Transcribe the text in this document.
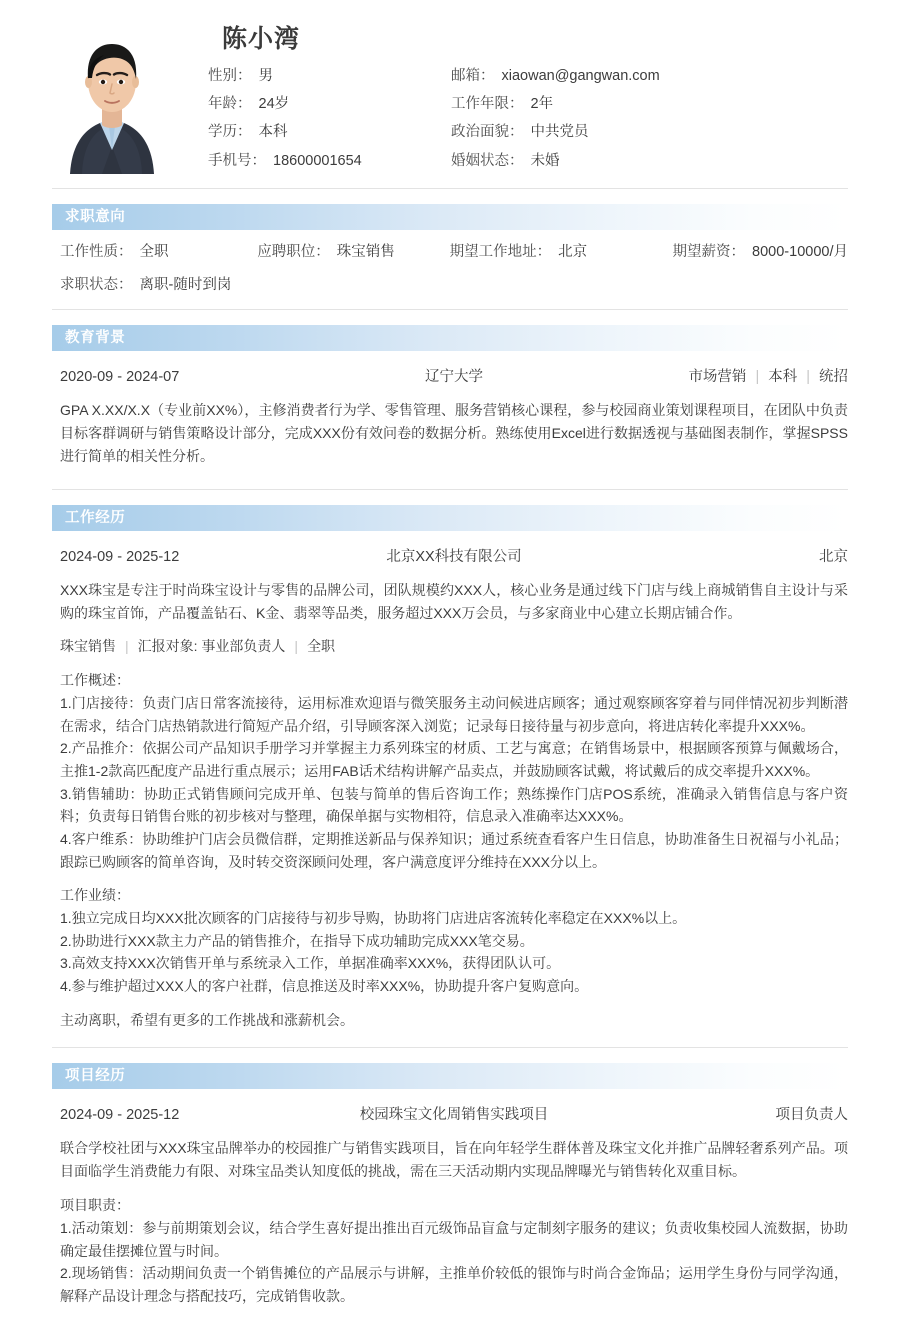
陈小湾
性别： 男	邮箱： xiaowan@gangwan.com
年龄： 24岁	工作年限： 2年
学历： 本科	政治面貌： 中共党员
手机号： 18600001654	婚姻状态： 未婚
求职意向
工作性质： 全职	应聘职位： 珠宝销售	期望工作地址： 北京	期望薪资： 8000-10000/月
求职状态： 离职-随时到岗
教育背景
2020-09 - 2024-07	辽宁大学	市场营销 | 本科 | 统招

GPA X.XX/X.X（专业前XX%），主修消费者行为学、零售管理、服务营销核心课程，参与校园商业策划课程项目，在团队中负责目标客群调研与销售策略设计部分，完成XXX份有效问卷的数据分析。熟练使用Excel进行数据透视与基础图表制作，掌握SPSS进行简单的相关性分析。

工作经历
2024-09 - 2025-12	北京XX科技有限公司	北京

XXX珠宝是专注于时尚珠宝设计与零售的品牌公司，团队规模约XXX人，核心业务是通过线下门店与线上商城销售自主设计与采购的珠宝首饰，产品覆盖钻石、K金、翡翠等品类，服务超过XXX万会员，与多家商业中心建立长期店铺合作。

珠宝销售 | 汇报对象: 事业部负责人 | 全职

工作概述：

1.门店接待：负责门店日常客流接待，运用标准欢迎语与微笑服务主动问候进店顾客；通过观察顾客穿着与同伴情况初步判断潜在需求，结合门店热销款进行简短产品介绍，引导顾客深入浏览；记录每日接待量与初步意向，将进店转化率提升XXX%。

2.产品推介：依据公司产品知识手册学习并掌握主力系列珠宝的材质、工艺与寓意；在销售场景中，根据顾客预算与佩戴场合，主推1-2款高匹配度产品进行重点展示；运用FAB话术结构讲解产品卖点，并鼓励顾客试戴，将试戴后的成交率提升XXX%。

3.销售辅助：协助正式销售顾问完成开单、包装与简单的售后咨询工作；熟练操作门店POS系统，准确录入销售信息与客户资料；负责每日销售台账的初步核对与整理，确保单据与实物相符，信息录入准确率达XXX%。

4.客户维系：协助维护门店会员微信群，定期推送新品与保养知识；通过系统查看客户生日信息，协助准备生日祝福与小礼品；跟踪已购顾客的简单咨询，及时转交资深顾问处理，客户满意度评分维持在XXX分以上。

工作业绩：

1.独立完成日均XXX批次顾客的门店接待与初步导购，协助将门店进店客流转化率稳定在XXX%以上。

2.协助进行XXX款主力产品的销售推介，在指导下成功辅助完成XXX笔交易。

3.高效支持XXX次销售开单与系统录入工作，单据准确率XXX%，获得团队认可。

4.参与维护超过XXX人的客户社群，信息推送及时率XXX%，协助提升客户复购意向。

主动离职，希望有更多的工作挑战和涨薪机会。

项目经历
2024-09 - 2025-12	校园珠宝文化周销售实践项目	项目负责人

联合学校社团与XXX珠宝品牌举办的校园推广与销售实践项目，旨在向年轻学生群体普及珠宝文化并推广品牌轻奢系列产品。项目面临学生消费能力有限、对珠宝品类认知度低的挑战，需在三天活动期内实现品牌曝光与销售转化双重目标。

项目职责：

1.活动策划：参与前期策划会议，结合学生喜好提出推出百元级饰品盲盒与定制刻字服务的建议；负责收集校园人流数据，协助确定最佳摆摊位置与时间。

2.现场销售：活动期间负责一个销售摊位的产品展示与讲解，主推单价较低的银饰与时尚合金饰品；运用学生身份与同学沟通，解释产品设计理念与搭配技巧，完成销售收款。
